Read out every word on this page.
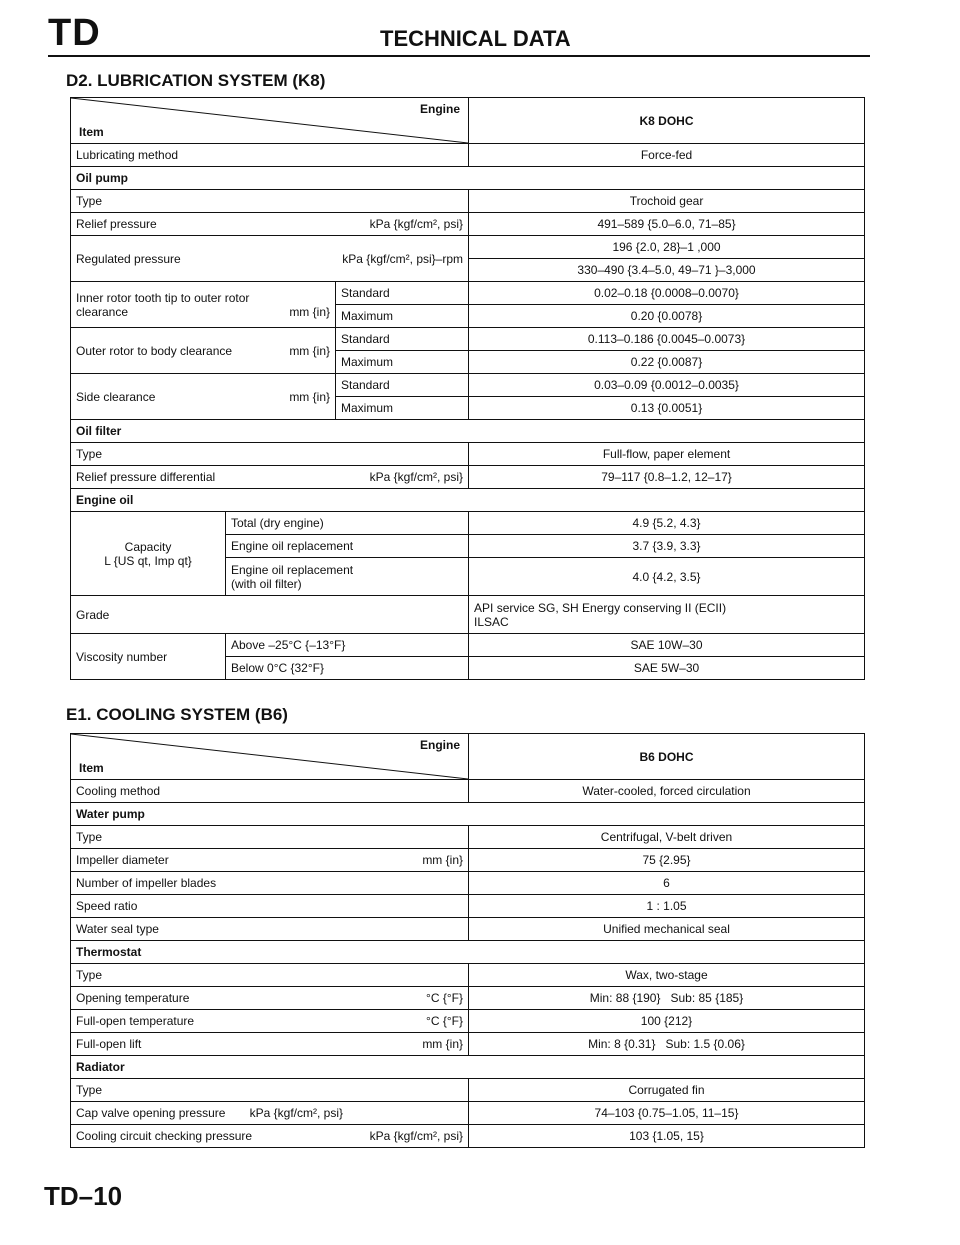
TD	TECHNICAL DATA
D2. LUBRICATION SYSTEM (K8)
Engine
Item			K8 DOHC
Lubricating method			Force-fed
Oil pump			
Type			Trochoid gear

Relief pressure kPa {kgf/cm², psi}			491–589 {5.0–6.0, 71–85}

Regulated pressure kPa {kgf/cm², psi}–rpm			196 {2.0, 28}–1 ,000
			330–490 {3.4–5.0, 49–71 }–3,000

Inner rotor tooth tip to outer rotor
clearance mm {in}		Standard	0.02–0.18 {0.0008–0.0070}
		Maximum	0.20 {0.0078}

Outer rotor to body clearance mm {in}		Standard	0.113–0.186 {0.0045–0.0073}
		Maximum	0.22 {0.0087}

Side clearance mm {in}		Standard	0.03–0.09 {0.0012–0.0035}
		Maximum	0.13 {0.0051}
Oil filter			
Type			Full-flow, paper element

Relief pressure differential kPa {kgf/cm², psi}			79–117 {0.8–1.2, 12–17}
Engine oil			

Capacity
L {US qt, Imp qt}	Total (dry engine)		4.9 {5.2, 4.3}
	Engine oil replacement		3.7 {3.9, 3.3}

	Engine oil replacement
(with oil filter)		4.0 {4.2, 3.5}
Grade			API service SG, SH Energy conserving II (ECII)
ILSAC

Viscosity number	Above –25°C {–13°F}		SAE 10W–30
	Below 0°C {32°F}		SAE 5W–30
E1. COOLING SYSTEM (B6)
Engine
Item	B6 DOHC
Cooling method	Water-cooled, forced circulation
Water pump	
Type	Centrifugal, V-belt driven

Impeller diameter mm {in}	75 {2.95}
Number of impeller blades	6
Speed ratio	1 : 1.05
Water seal type	Unified mechanical seal
Thermostat	
Type	Wax, two-stage

Opening temperature °C {°F}	Min: 88 {190}   Sub: 85 {185}

Full-open temperature °C {°F}	100 {212}

Full-open lift mm {in}	Min: 8 {0.31}   Sub: 1.5 {0.06}
Radiator	
Type	Corrugated fin

Cap valve opening pressure kPa {kgf/cm², psi}	74–103 {0.75–1.05, 11–15}

Cooling circuit checking pressure kPa {kgf/cm², psi}	103 {1.05, 15}
TD–10
